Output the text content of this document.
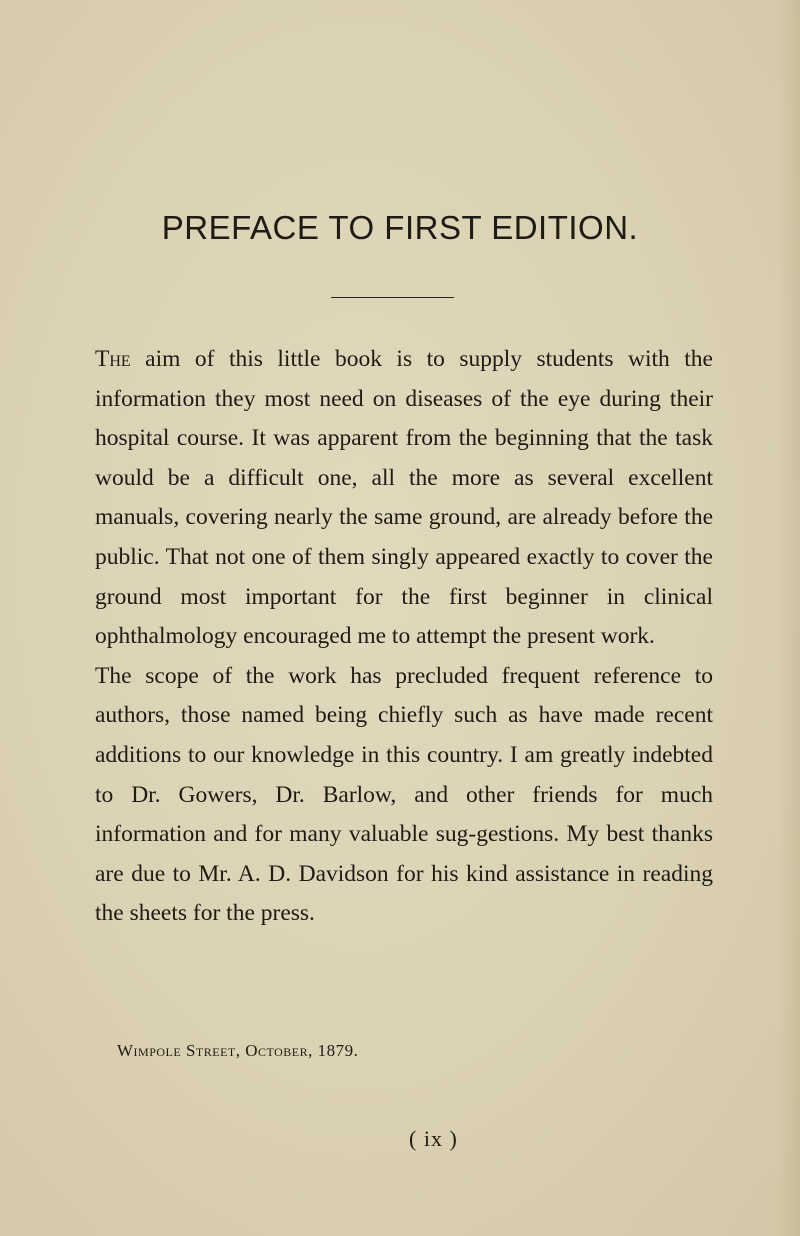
PREFACE TO FIRST EDITION.

The aim of this little book is to supply students with the information they most need on diseases of the eye during their hospital course. It was apparent from the beginning that the task would be a difficult one, all the more as several excellent manuals, covering nearly the same ground, are already before the public. That not one of them singly appeared exactly to cover the ground most important for the first beginner in clinical ophthalmology encouraged me to attempt the present work.

The scope of the work has precluded frequent reference to authors, those named being chiefly such as have made recent additions to our knowledge in this country. I am greatly indebted to Dr. Gowers, Dr. Barlow, and other friends for much information and for many valuable sug-gestions. My best thanks are due to Mr. A. D. Davidson for his kind assistance in reading the sheets for the press.

Wimpole Street, October, 1879.
( ix )
